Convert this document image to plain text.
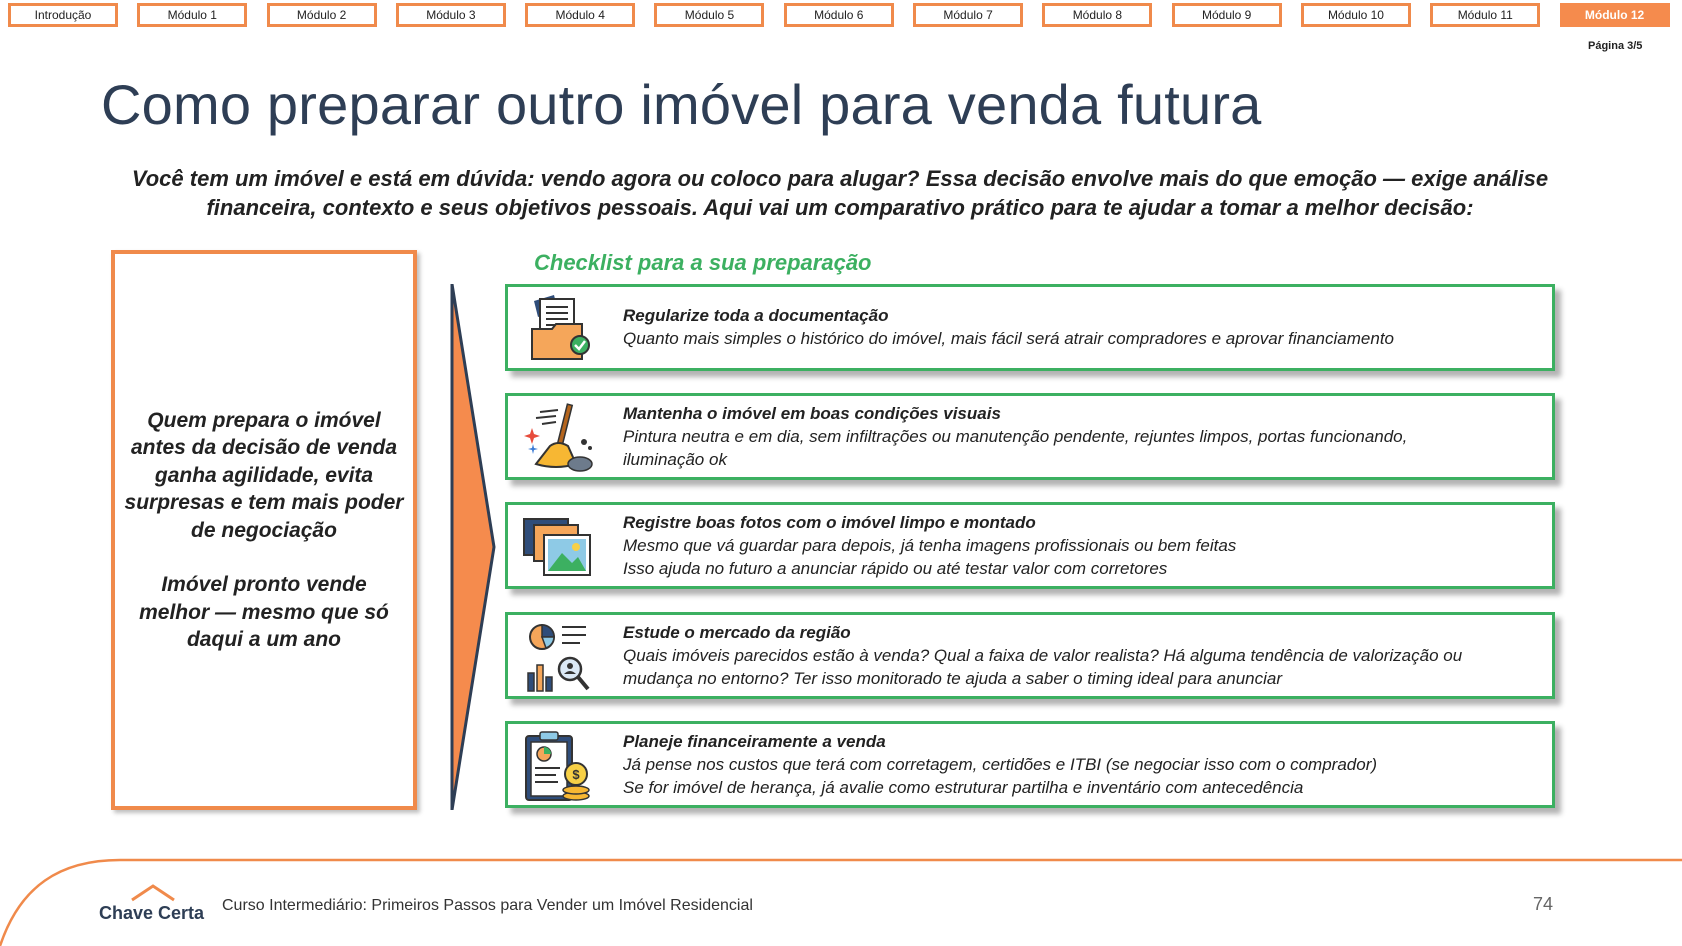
Introdução	Módulo 1	Módulo 2	Módulo 3	Módulo 4	Módulo 5	Módulo 6	Módulo 7	Módulo 8	Módulo 9	Módulo 10	Módulo 11	Módulo 12
Página 3/5
Como preparar outro imóvel para venda futura
Você tem um imóvel e está em dúvida: vendo agora ou coloco para alugar? Essa decisão envolve mais do que emoção — exige análise financeira, contexto e seus objetivos pessoais. Aqui vai um comparativo prático para te ajudar a tomar a melhor decisão:

Quem prepara o imóvel antes da decisão de venda ganha agilidade, evita surpresas e tem mais poder de negociação

Imóvel pronto vende melhor — mesmo que só daqui a um ano

Checklist para a sua preparação
Regularize toda a documentação
Quanto mais simples o histórico do imóvel, mais fácil será atrair compradores e aprovar financiamento
Mantenha o imóvel em boas condições visuais
Pintura neutra e em dia, sem infiltrações ou manutenção pendente, rejuntes limpos, portas funcionando,
iluminação ok
Registre boas fotos com o imóvel limpo e montado
Mesmo que vá guardar para depois, já tenha imagens profissionais ou bem feitas
Isso ajuda no futuro a anunciar rápido ou até testar valor com corretores
Estude o mercado da região
Quais imóveis parecidos estão à venda? Qual a faixa de valor realista? Há alguma tendência de valorização ou
mudança no entorno? Ter isso monitorado te ajuda a saber o timing ideal para anunciar
$
Planeje financeiramente a venda
Já pense nos custos que terá com corretagem, certidões e ITBI (se negociar isso com o comprador)
Se for imóvel de herança, já avalie como estruturar partilha e inventário com antecedência
Chave Certa Curso Intermediário: Primeiros Passos para Vender um Imóvel Residencial	74
